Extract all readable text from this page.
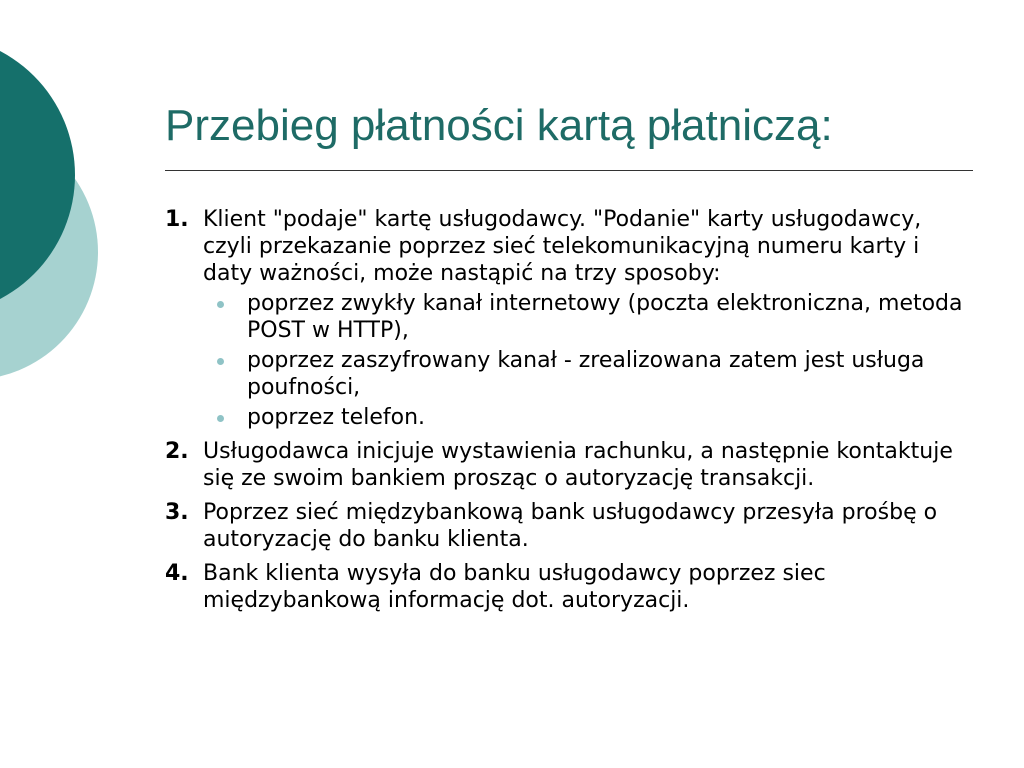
Przebieg płatności kartą płatniczą:
1. Klient "podaje" kartę usługodawcy. "Podanie" karty usługodawcy, czyli przekazanie poprzez sieć telekomunikacyjną numeru karty i daty ważności, może nastąpić na trzy sposoby:
poprzez zwykły kanał internetowy (poczta elektroniczna, metoda POST w HTTP),
poprzez zaszyfrowany kanał - zrealizowana zatem jest usługa poufności,
poprzez telefon.
2. Usługodawca inicjuje wystawienia rachunku, a następnie kontaktuje się ze swoim bankiem prosząc o autoryzację transakcji.
3. Poprzez sieć międzybankową bank usługodawcy przesyła prośbę o autoryzację do banku klienta.
4. Bank klienta wysyła do banku usługodawcy poprzez siec międzybankową informację dot. autoryzacji.
